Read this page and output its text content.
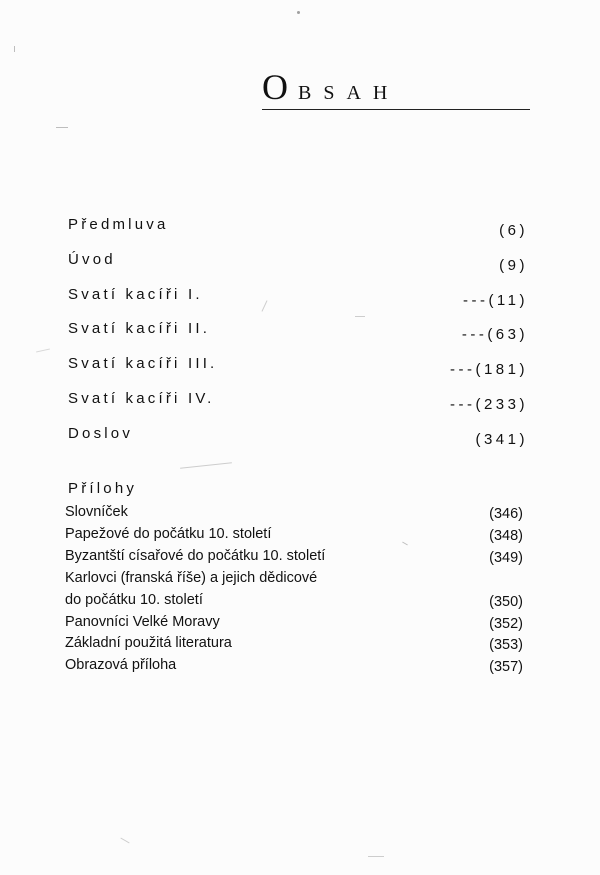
OBSAH
Předmluva	(6)
Úvod	(9)
Svatí kacíři I.	---(11)
Svatí kacíři II.	---(63)
Svatí kacíři III.	---(181)
Svatí kacíři IV.	---(233)
Doslov	(341)
Přílohy
Slovníček	(346)
Papežové do počátku 10. století	(348)
Byzantští císařové do počátku 10. století	(349)
Karlovci (franská říše) a jejich dědicové
do počátku 10. století	(350)
Panovníci Velké Moravy	(352)
Základní použitá literatura	(353)
Obrazová příloha	(357)
